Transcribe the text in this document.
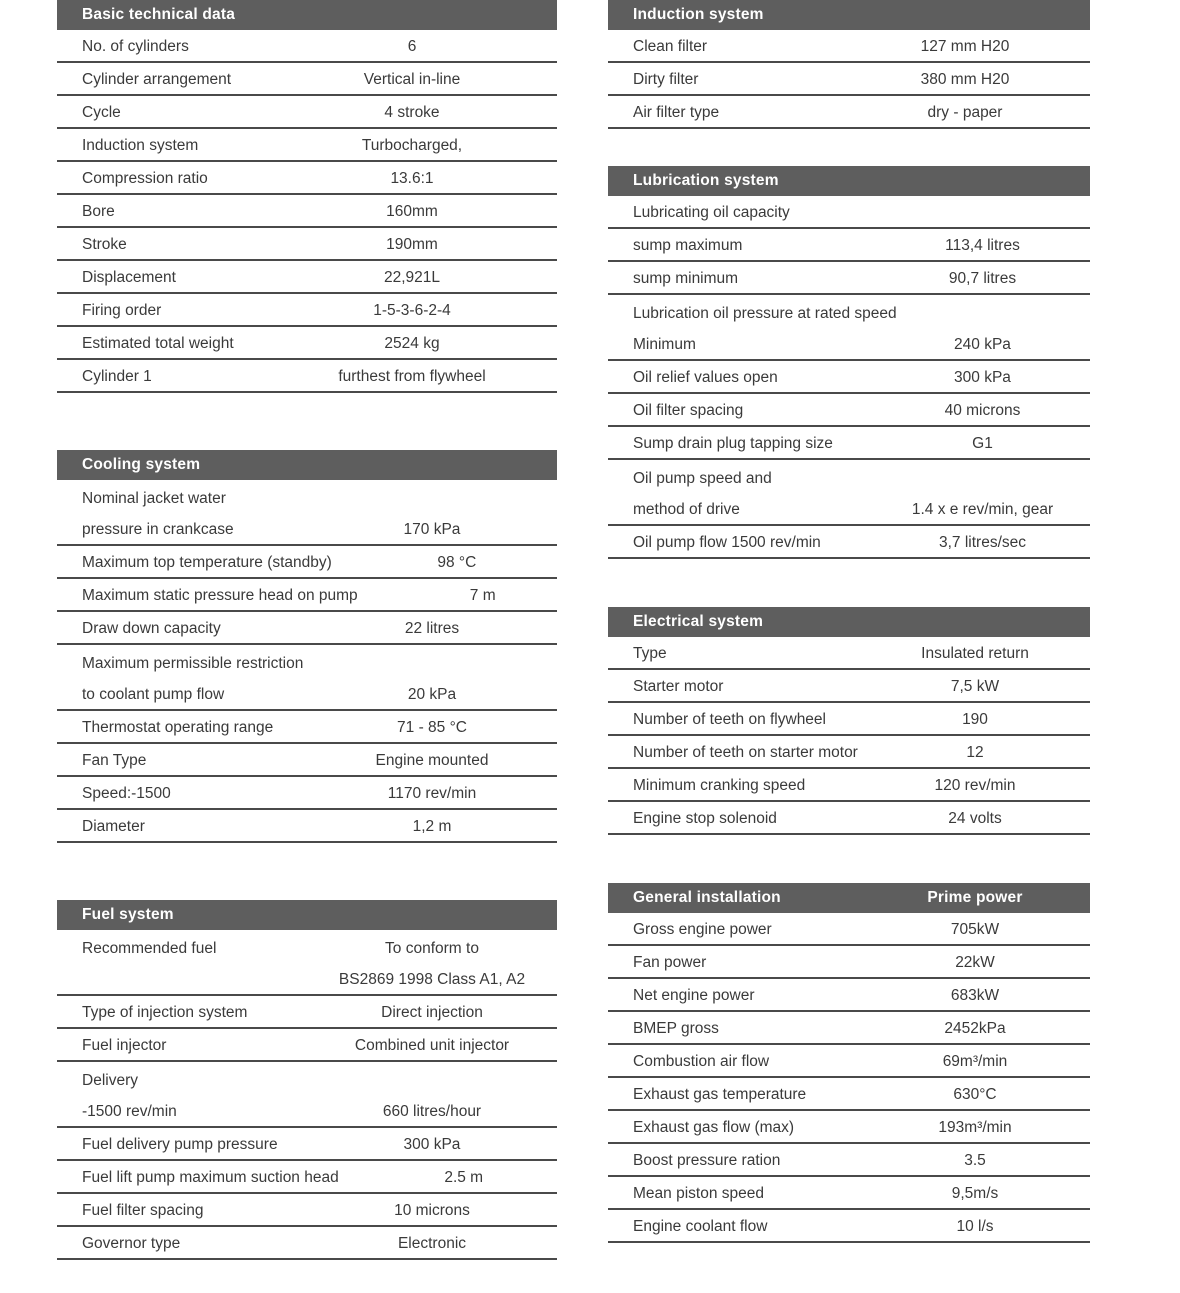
Basic technical data
No. of cylinders	6
Cylinder arrangement	Vertical in-line
Cycle	4 stroke
Induction system	Turbocharged,
Compression ratio	13.6:1
Bore	160mm
Stroke	190mm
Displacement	22,921L
Firing order	1-5-3-6-2-4
Estimated total weight	2524 kg
Cylinder 1	furthest from flywheel
Cooling system
Nominal jacket water
pressure in crankcase	170 kPa
Maximum top temperature (standby)	98 °C
Maximum static pressure head on pump	7 m
Draw down capacity	22 litres
Maximum permissible restriction
to coolant pump flow	20 kPa
Thermostat operating range	71 - 85 °C
Fan Type	Engine mounted
Speed:-1500	1170 rev/min
Diameter	1,2 m
Fuel system
Recommended fuel	To conform to
BS2869 1998 Class A1, A2
Type of injection system	Direct injection
Fuel injector	Combined unit injector
Delivery
-1500 rev/min	660 litres/hour
Fuel delivery pump pressure	300 kPa
Fuel lift pump maximum suction head	2.5 m
Fuel filter spacing	10 microns
Governor type	Electronic
Induction system
Clean filter	127 mm H20
Dirty filter	380 mm H20
Air filter type	dry - paper
Lubrication system
Lubricating oil capacity
sump maximum	113,4 litres
sump minimum	90,7 litres
Lubrication oil pressure at rated speed
Minimum	240 kPa
Oil relief values open	300 kPa
Oil filter spacing	40 microns
Sump drain plug tapping size	G1
Oil pump speed and
method of drive	1.4 x e rev/min, gear
Oil pump flow 1500 rev/min	3,7 litres/sec
Electrical system
Type	Insulated return
Starter motor	7,5 kW
Number of teeth on flywheel	190
Number of teeth on starter motor	12
Minimum cranking speed	120 rev/min
Engine stop solenoid	24 volts
General installation	Prime power
Gross engine power	705kW
Fan power	22kW
Net engine power	683kW
BMEP gross	2452kPa
Combustion air flow	69m³/min
Exhaust gas temperature	630°C
Exhaust gas flow (max)	193m³/min
Boost pressure ration	3.5
Mean piston speed	9,5m/s
Engine coolant flow	10 l/s
